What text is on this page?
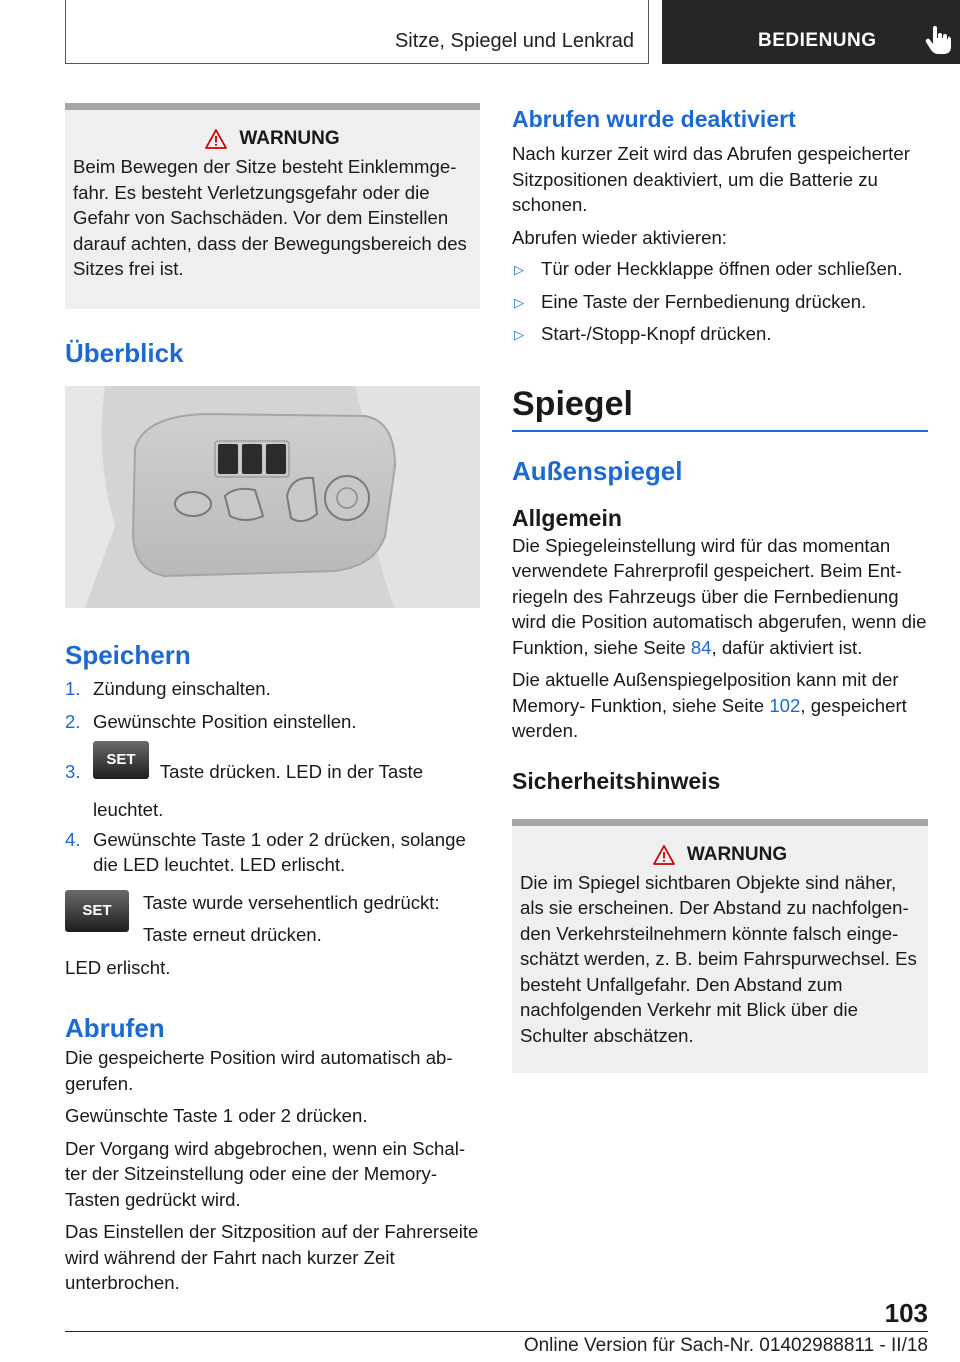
Sitze, Spiegel und Lenkrad	BEDIENUNG
WARNUNG

Beim Bewegen der Sitze besteht Einklemmgefahr. Es besteht Verletzungsgefahr oder die Gefahr von Sachschäden. Vor dem Einstellen darauf achten, dass der Bewegungsbereich des Sitzes frei ist.

Überblick
Speichern
1. Zündung einschalten.
2. Gewünschte Position einstellen.
3.
SET Taste drücken. LED in der Taste leuchtet.
4. Gewünschte Taste 1 oder 2 drücken, solange die LED leuchtet. LED erlischt.
SET	Taste wurde versehentlich gedrückt:

Taste erneut drücken.

LED erlischt.

Abrufen

Die gespeicherte Position wird automatisch abgerufen.

Gewünschte Taste 1 oder 2 drücken.

Der Vorgang wird abgebrochen, wenn ein Schalter der Sitzeinstellung oder eine der Memory-Tasten gedrückt wird.

Das Einstellen der Sitzposition auf der Fahrerseite wird während der Fahrt nach kurzer Zeit unterbrochen.

Abrufen wurde deaktiviert

Nach kurzer Zeit wird das Abrufen gespeicherter Sitzpositionen deaktiviert, um die Batterie zu schonen.

Abrufen wieder aktivieren:

▷ Tür oder Heckklappe öffnen oder schließen.
▷ Eine Taste der Fernbedienung drücken.
▷ Start-/Stopp-Knopf drücken.
Spiegel
Außenspiegel
Allgemein

Die Spiegeleinstellung wird für das momentan verwendete Fahrerprofil gespeichert. Beim Entriegeln des Fahrzeugs über die Fernbedienung wird die Position automatisch abgerufen, wenn die Funktion, siehe Seite 84, dafür aktiviert ist.

Die aktuelle Außenspiegelposition kann mit der Memory- Funktion, siehe Seite 102, gespeichert werden.

Sicherheitshinweis
WARNUNG

Die im Spiegel sichtbaren Objekte sind näher, als sie erscheinen. Der Abstand zu nachfolgenden Verkehrsteilnehmern könnte falsch eingeschätzt werden, z. B. beim Fahrspurwechsel. Es besteht Unfallgefahr. Den Abstand zum nachfolgenden Verkehr mit Blick über die Schulter abschätzen.

103
Online Version für Sach-Nr. 01402988811 - II/18
